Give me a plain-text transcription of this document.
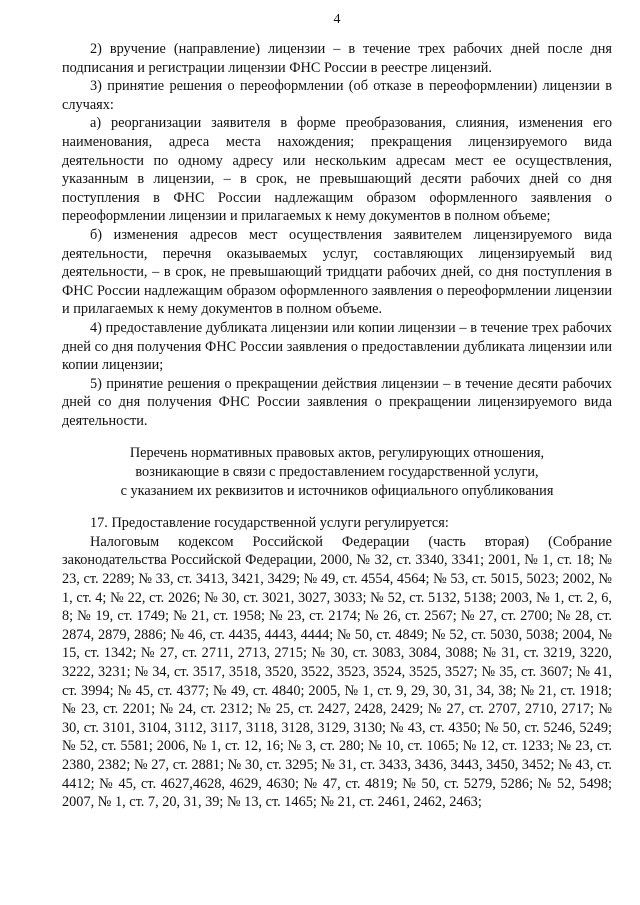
4

2) вручение (направление) лицензии – в течение трех рабочих дней после дня подписания и регистрации лицензии ФНС России в реестре лицензий.

3) принятие решения о переоформлении (об отказе в переоформлении) лицензии в случаях:

а) реорганизации заявителя в форме преобразования, слияния, изменения его наименования, адреса места нахождения; прекращения лицензируемого вида деятельности по одному адресу или нескольким адресам мест ее осуществления, указанным в лицензии, – в срок, не превышающий десяти рабочих дней со дня поступления в ФНС России надлежащим образом оформленного заявления о переоформлении лицензии и прилагаемых к нему документов в полном объеме;

б) изменения адресов мест осуществления заявителем лицензируемого вида деятельности, перечня оказываемых услуг, составляющих лицензируемый вид деятельности, – в срок, не превышающий тридцати рабочих дней, со дня поступления в ФНС России надлежащим образом оформленного заявления о переоформлении лицензии и прилагаемых к нему документов в полном объеме.

4) предоставление дубликата лицензии или копии лицензии – в течение трех рабочих дней со дня получения ФНС России заявления о предоставлении дубликата лицензии или копии лицензии;

5) принятие решения о прекращении действия лицензии – в течение десяти рабочих дней со дня получения ФНС России заявления о прекращении лицензируемого вида деятельности.

Перечень нормативных правовых актов, регулирующих отношения,
возникающие в связи с предоставлением государственной услуги,
с указанием их реквизитов и источников официального опубликования

17. Предоставление государственной услуги регулируется:

Налоговым кодексом Российской Федерации (часть вторая) (Собрание законодательства Российской Федерации, 2000, № 32, ст. 3340, 3341; 2001, № 1, ст. 18; № 23, ст. 2289; № 33, ст. 3413, 3421, 3429; № 49, ст. 4554, 4564; № 53, ст. 5015, 5023; 2002, № 1, ст. 4; № 22, ст. 2026; № 30, ст. 3021, 3027, 3033; № 52, ст. 5132, 5138; 2003, № 1, ст. 2, 6, 8; № 19, ст. 1749; № 21, ст. 1958; № 23, ст. 2174; № 26, ст. 2567; № 27, ст. 2700; № 28, ст. 2874, 2879, 2886; № 46, ст. 4435, 4443, 4444; № 50, ст. 4849; № 52, ст. 5030, 5038; 2004, № 15, ст. 1342; № 27, ст. 2711, 2713, 2715; № 30, ст. 3083, 3084, 3088; № 31, ст. 3219, 3220, 3222, 3231; № 34, ст. 3517, 3518, 3520, 3522, 3523, 3524, 3525, 3527; № 35, ст. 3607; № 41, ст. 3994; № 45, ст. 4377; № 49, ст. 4840; 2005, № 1, ст. 9, 29, 30, 31, 34, 38; № 21, ст. 1918; № 23, ст. 2201; № 24, ст. 2312; № 25, ст. 2427, 2428, 2429; № 27, ст. 2707, 2710, 2717; № 30, ст. 3101, 3104, 3112, 3117, 3118, 3128, 3129, 3130; № 43, ст. 4350; № 50, ст. 5246, 5249; № 52, ст. 5581; 2006, № 1, ст. 12, 16; № 3, ст. 280; № 10, ст. 1065; № 12, ст. 1233; № 23, ст. 2380, 2382; № 27, ст. 2881; № 30, ст. 3295; № 31, ст. 3433, 3436, 3443, 3450, 3452; № 43, ст. 4412; № 45, ст. 4627,4628, 4629, 4630; № 47, ст. 4819; № 50, ст. 5279, 5286; № 52, 5498; 2007, № 1, ст. 7, 20, 31, 39; № 13, ст. 1465; № 21, ст. 2461, 2462, 2463;
